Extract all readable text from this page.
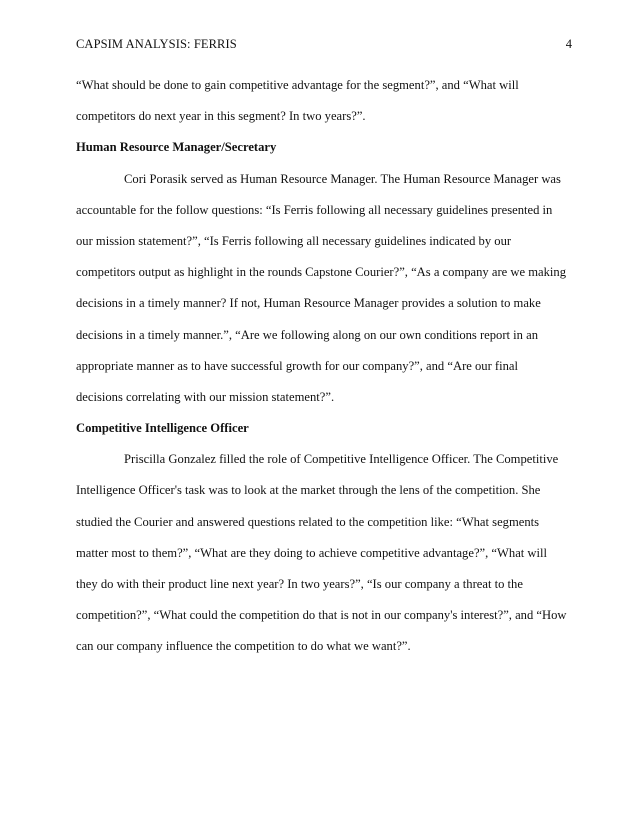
CAPSIM ANALYSIS: FERRIS	4
“What should be done to gain competitive advantage for the segment?”, and “What will
competitors do next year in this segment? In two years?”.
Human Resource Manager/Secretary
Cori Porasik served as Human Resource Manager. The Human Resource Manager was
accountable for the follow questions: “Is Ferris following all necessary guidelines presented in
our mission statement?”, “Is Ferris following all necessary guidelines indicated by our
competitors output as highlight in the rounds Capstone Courier?”, “As a company are we making
decisions in a timely manner? If not, Human Resource Manager provides a solution to make
decisions in a timely manner.”, “Are we following along on our own conditions report in an
appropriate manner as to have successful growth for our company?”, and “Are our final
decisions correlating with our mission statement?”.
Competitive Intelligence Officer
Priscilla Gonzalez filled the role of Competitive Intelligence Officer. The Competitive
Intelligence Officer's task was to look at the market through the lens of the competition. She
studied the Courier and answered questions related to the competition like: “What segments
matter most to them?”, “What are they doing to achieve competitive advantage?”, “What will
they do with their product line next year? In two years?”, “Is our company a threat to the
competition?”, “What could the competition do that is not in our company's interest?”, and “How
can our company influence the competition to do what we want?”.
